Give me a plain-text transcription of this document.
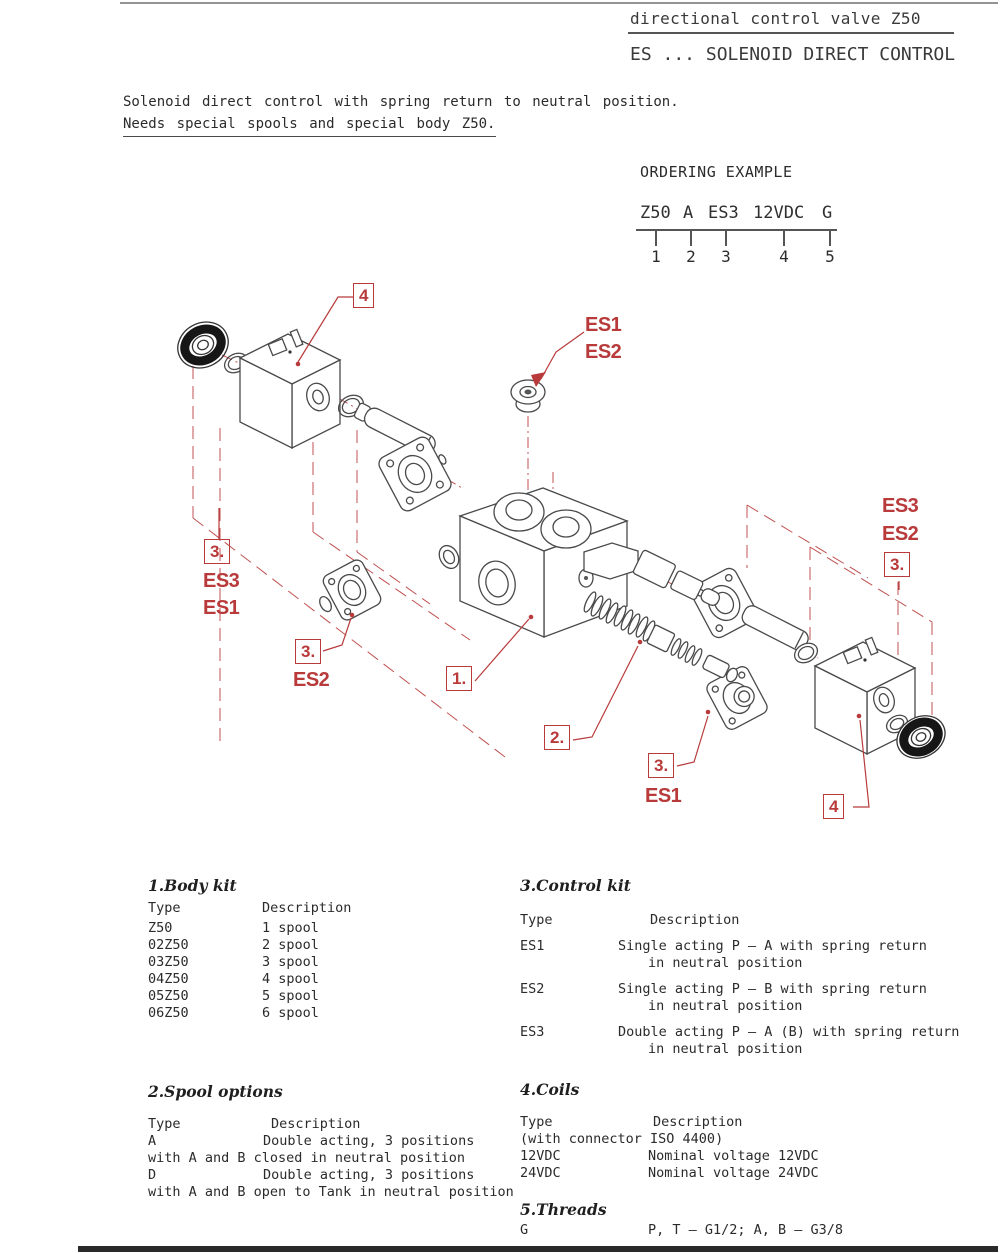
directional control valve Z50
ES ... SOLENOID DIRECT CONTROL
Solenoid direct control with spring return to neutral position.
Needs special spools and special body Z50.
ORDERING EXAMPLE
Z50 A ES3 12VDC G
1 2 3	4 5
4
ES1
ES2
3.
ES3
ES1
3.
ES2	1.
2.
3.
ES1
ES3
ES2
3.
4
1.Body kit
Type	Description
Z50	1 spool
02Z50	2 spool
03Z50	3 spool
04Z50	4 spool
05Z50	5 spool
06Z50	6 spool
3.Control kit
Type	Description
ES1	Single acting P – A with spring return
in neutral position
ES2	Single acting P – B with spring return
in neutral position
ES3	Double acting P – A (B) with spring return
in neutral position
2.Spool options
Type	Description
A	Double acting, 3 positions
with A and B closed in neutral position
D	Double acting, 3 positions
with A and B open to Tank in neutral position
4.Coils
Type	Description
(with connector ISO 4400)
12VDC	Nominal voltage 12VDC
24VDC	Nominal voltage 24VDC
5.Threads
G	P, T – G1/2; A, B – G3/8
